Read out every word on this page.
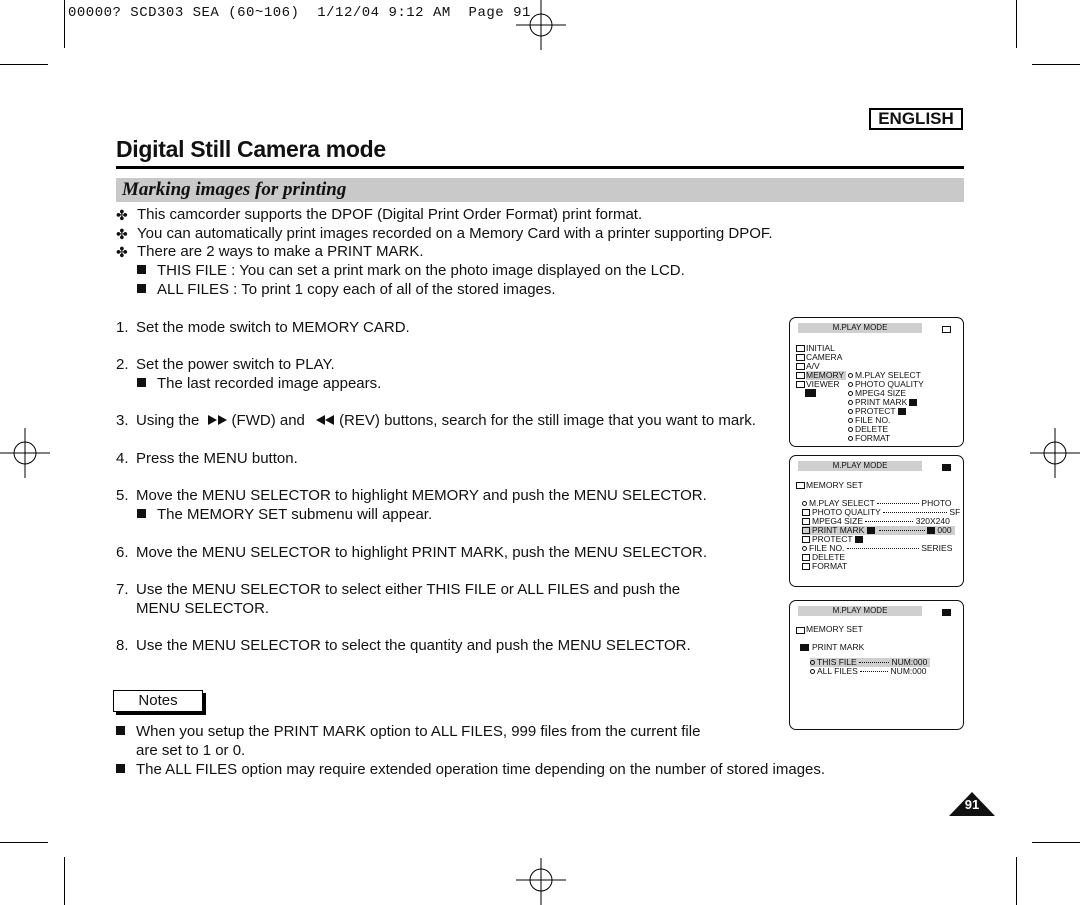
00000? SCD303 SEA (60~106)  1/12/04 9:12 AM  Page 91
ENGLISH
Digital Still Camera mode
Marking images for printing
✤ This camcorder supports the DPOF (Digital Print Order Format) print format.
✤ You can automatically print images recorded on a Memory Card with a printer supporting DPOF.
✤ There are 2 ways to make a PRINT MARK.
THIS FILE : You can set a print mark on the photo image displayed on the LCD.
ALL FILES : To print 1 copy each of all of the stored images.
1. Set the mode switch to MEMORY CARD.
2. Set the power switch to PLAY.
The last recorded image appears.
3. Using the (FWD) and (REV) buttons, search for the still image that you want to mark.
4. Press the MENU button.
5. Move the MENU SELECTOR to highlight MEMORY and push the MENU SELECTOR.
The MEMORY SET submenu will appear.
6. Move the MENU SELECTOR to highlight PRINT MARK, push the MENU SELECTOR.
7. Use the MENU SELECTOR to select either THIS FILE or ALL FILES and push the
MENU SELECTOR.
8. Use the MENU SELECTOR to select the quantity and push the MENU SELECTOR.
Notes
When you setup the PRINT MARK option to ALL FILES, 999 files from the current file
are set to 1 or 0.
The ALL FILES option may require extended operation time depending on the number of stored images.
M.PLAY MODE
INITIAL
CAMERA
A/V
MEMORY
VIEWER
M.PLAY SELECT
PHOTO QUALITY
MPEG4 SIZE
PRINT MARK
PROTECT
FILE NO.
DELETE
FORMAT
M.PLAY MODE
MEMORY SET
M.PLAY SELECT	PHOTO
PHOTO QUALITY	SF
MPEG4 SIZE	320X240
PRINT MARK	000
PROTECT
FILE NO.	SERIES
DELETE
FORMAT
M.PLAY MODE
MEMORY SET
PRINT MARK
THIS FILE	NUM:000
ALL FILES	NUM:000
91
